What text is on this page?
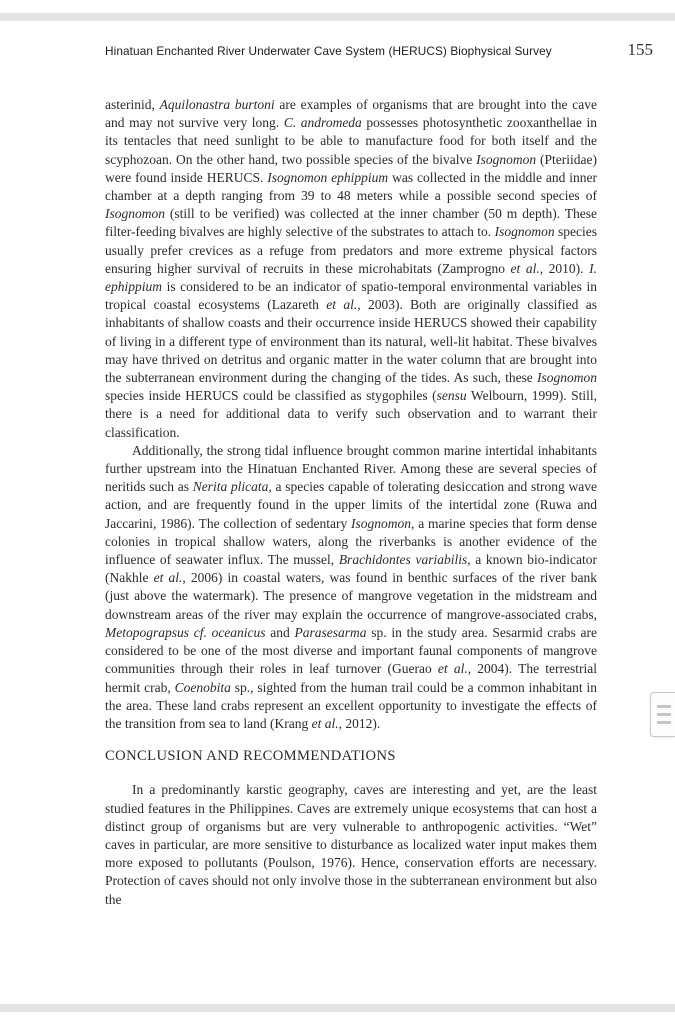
Hinatuan Enchanted River Underwater Cave System (HERUCS) Biophysical Survey	155

asterinid, Aquilonastra burtoni are examples of organisms that are brought into the cave and may not survive very long. C. andromeda possesses photosynthetic zooxanthellae in its tentacles that need sunlight to be able to manufacture food for both itself and the scyphozoan. On the other hand, two possible species of the bivalve Isognomon (Pteriidae) were found inside HERUCS. Isognomon ephippium was collected in the middle and inner chamber at a depth ranging from 39 to 48 meters while a possible second species of Isognomon (still to be verified) was collected at the inner chamber (50 m depth). These filter-feeding bivalves are highly selective of the substrates to attach to. Isognomon species usually prefer crevices as a refuge from predators and more extreme physical factors ensuring higher survival of recruits in these microhabitats (Zamprogno et al., 2010). I. ephippium is considered to be an indicator of spatio-temporal environmental variables in tropical coastal ecosystems (Lazareth et al., 2003). Both are originally classified as inhabitants of shallow coasts and their occurrence inside HERUCS showed their capability of living in a different type of environment than its natural, well-lit habitat. These bivalves may have thrived on detritus and organic matter in the water column that are brought into the subterranean environment during the changing of the tides. As such, these Isognomon species inside HERUCS could be classified as stygophiles (sensu Welbourn, 1999). Still, there is a need for additional data to verify such observation and to warrant their classification.

Additionally, the strong tidal influence brought common marine intertidal inhabitants further upstream into the Hinatuan Enchanted River. Among these are several species of neritids such as Nerita plicata, a species capable of tolerating desiccation and strong wave action, and are frequently found in the upper limits of the intertidal zone (Ruwa and Jaccarini, 1986). The collection of sedentary Isognomon, a marine species that form dense colonies in tropical shallow waters, along the riverbanks is another evidence of the influence of seawater influx. The mussel, Brachidontes variabilis, a known bio-indicator (Nakhle et al., 2006) in coastal waters, was found in benthic surfaces of the river bank (just above the watermark). The presence of mangrove vegetation in the midstream and downstream areas of the river may explain the occurrence of mangrove-associated crabs, Metopograpsus cf. oceanicus and Parasesarma sp. in the study area. Sesarmid crabs are considered to be one of the most diverse and important faunal components of mangrove communities through their roles in leaf turnover (Guerao et al., 2004). The terrestrial hermit crab, Coenobita sp., sighted from the human trail could be a common inhabitant in the area. These land crabs represent an excellent opportunity to investigate the effects of the transition from sea to land (Krang et al., 2012).

CONCLUSION AND RECOMMENDATIONS

In a predominantly karstic geography, caves are interesting and yet, are the least studied features in the Philippines. Caves are extremely unique ecosystems that can host a distinct group of organisms but are very vulnerable to anthropogenic activities. “Wet” caves in particular, are more sensitive to disturbance as localized water input makes them more exposed to pollutants (Poulson, 1976). Hence, conservation efforts are necessary. Protection of caves should not only involve those in the subterranean environment but also the
